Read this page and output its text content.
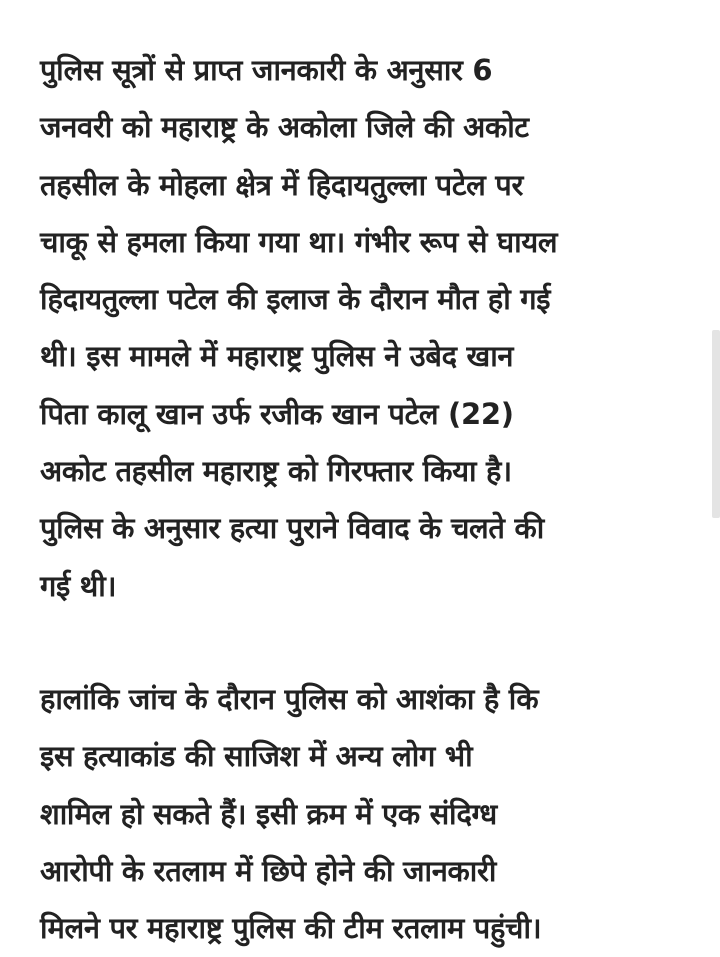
पुलिस सूत्रों से प्राप्त जानकारी के अनुसार 6
जनवरी को महाराष्ट्र के अकोला जिले की अकोट
तहसील के मोहला क्षेत्र में हिदायतुल्ला पटेल पर
चाकू से हमला किया गया था। गंभीर रूप से घायल
हिदायतुल्ला पटेल की इलाज के दौरान मौत हो गई
थी। इस मामले में महाराष्ट्र पुलिस ने उबेद खान
पिता कालू खान उर्फ रजीक खान पटेल (22)
अकोट तहसील महाराष्ट्र को गिरफ्तार किया है।
पुलिस के अनुसार हत्या पुराने विवाद के चलते की
गई थी।

हालांकि जांच के दौरान पुलिस को आशंका है कि
इस हत्याकांड की साजिश में अन्य लोग भी
शामिल हो सकते हैं। इसी क्रम में एक संदिग्ध
आरोपी के रतलाम में छिपे होने की जानकारी
मिलने पर महाराष्ट्र पुलिस की टीम रतलाम पहुंची।
